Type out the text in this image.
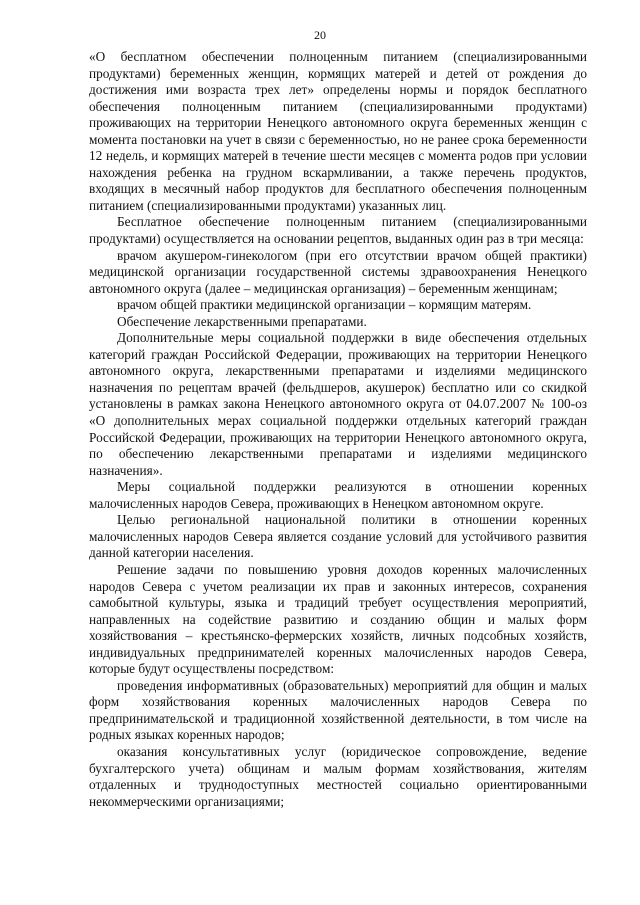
20

«О бесплатном обеспечении полноценным питанием (специализированными продуктами) беременных женщин, кормящих матерей и детей от рождения до достижения ими возраста трех лет» определены нормы и порядок бесплатного обеспечения полноценным питанием (специализированными продуктами) проживающих на территории Ненецкого автономного округа беременных женщин с момента постановки на учет в связи с беременностью, но не ранее срока беременности 12 недель, и кормящих матерей в течение шести месяцев с момента родов при условии нахождения ребенка на грудном вскармливании, а также перечень продуктов, входящих в месячный набор продуктов для бесплатного обеспечения полноценным питанием (специализированными продуктами) указанных лиц.

Бесплатное обеспечение полноценным питанием (специализированными продуктами) осуществляется на основании рецептов, выданных один раз в три месяца:

врачом акушером-гинекологом (при его отсутствии врачом общей практики) медицинской организации государственной системы здравоохранения Ненецкого автономного округа (далее – медицинская организация) – беременным женщинам;

врачом общей практики медицинской организации – кормящим матерям.

Обеспечение лекарственными препаратами.

Дополнительные меры социальной поддержки в виде обеспечения отдельных категорий граждан Российской Федерации, проживающих на территории Ненецкого автономного округа, лекарственными препаратами и изделиями медицинского назначения по рецептам врачей (фельдшеров, акушерок) бесплатно или со скидкой установлены в рамках закона Ненецкого автономного округа от 04.07.2007 № 100-оз «О дополнительных мерах социальной поддержки отдельных категорий граждан Российской Федерации, проживающих на территории Ненецкого автономного округа, по обеспечению лекарственными препаратами и изделиями медицинского назначения».

Меры социальной поддержки реализуются в отношении коренных малочисленных народов Севера, проживающих в Ненецком автономном округе.

Целью региональной национальной политики в отношении коренных малочисленных народов Севера является создание условий для устойчивого развития данной категории населения.

Решение задачи по повышению уровня доходов коренных малочисленных народов Севера с учетом реализации их прав и законных интересов, сохранения самобытной культуры, языка и традиций требует осуществления мероприятий, направленных на содействие развитию и созданию общин и малых форм хозяйствования – крестьянско-фермерских хозяйств, личных подсобных хозяйств, индивидуальных предпринимателей коренных малочисленных народов Севера, которые будут осуществлены посредством:

проведения информативных (образовательных) мероприятий для общин и малых форм хозяйствования коренных малочисленных народов Севера по предпринимательской и традиционной хозяйственной деятельности, в том числе на родных языках коренных народов;

оказания консультативных услуг (юридическое сопровождение, ведение бухгалтерского учета) общинам и малым формам хозяйствования, жителям отдаленных и труднодоступных местностей социально ориентированными некоммерческими организациями;
